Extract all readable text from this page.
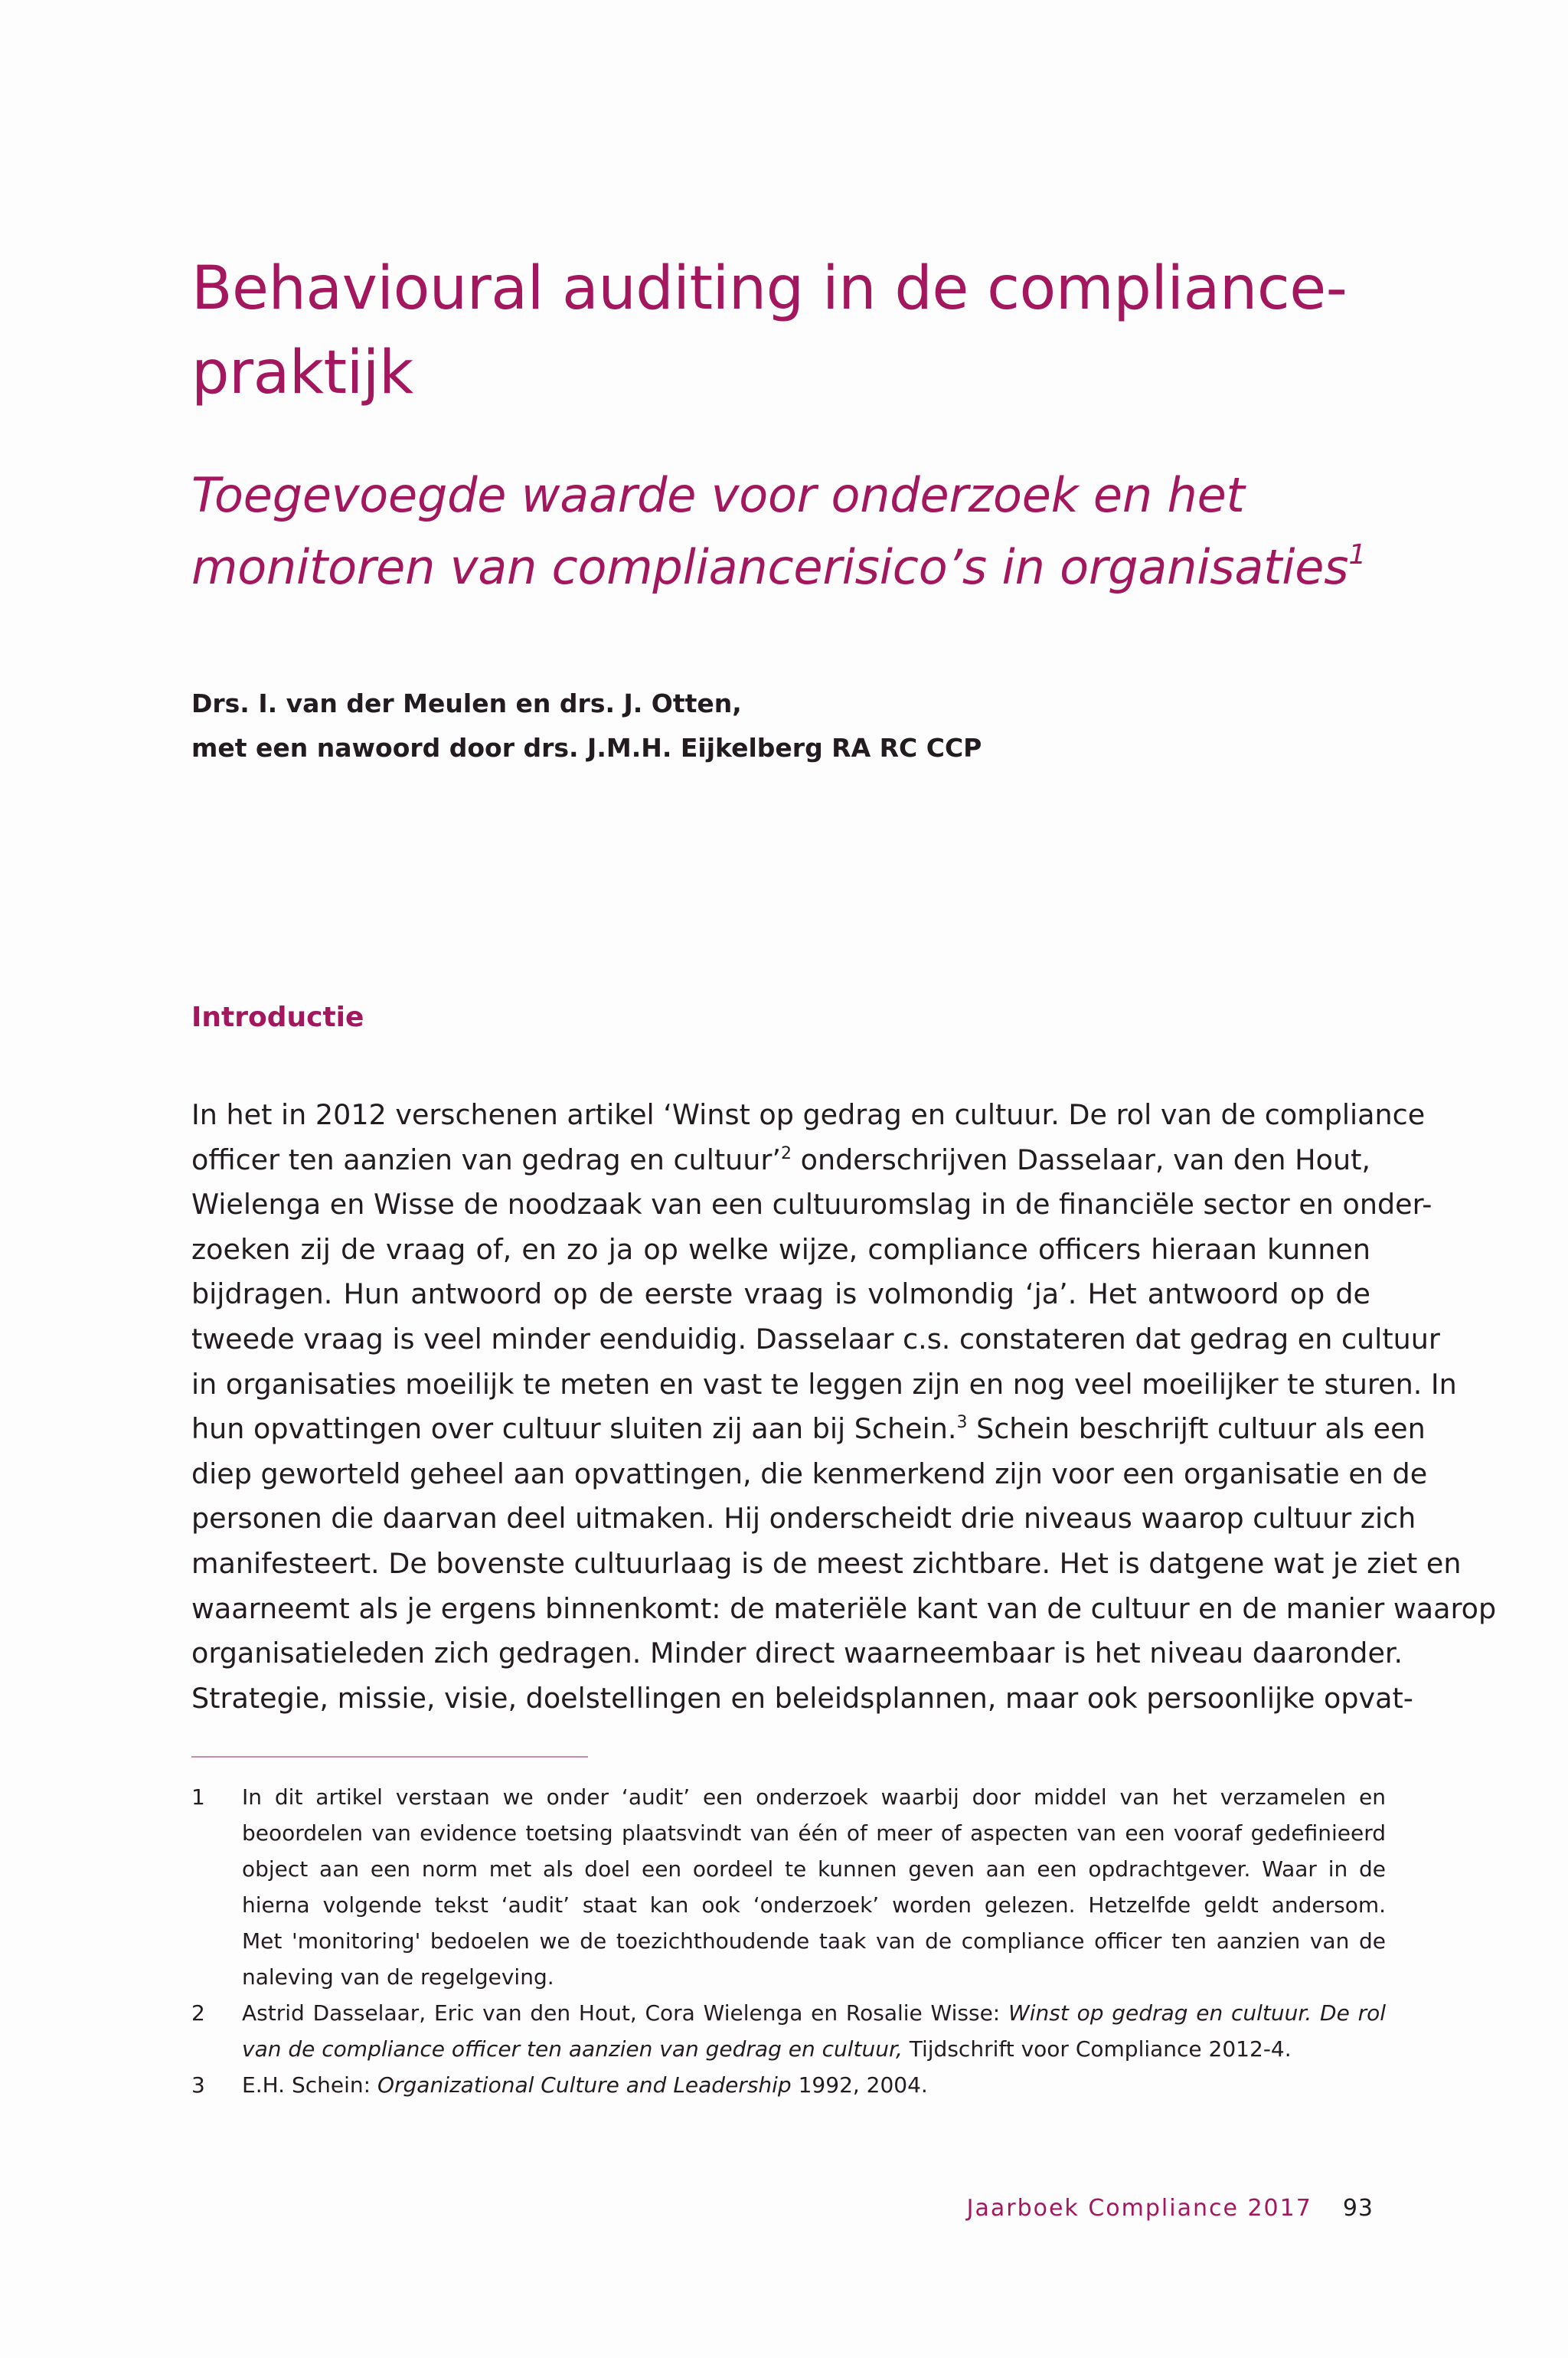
Behavioural auditing in de compliance-
praktijk
Toegevoegde waarde voor onderzoek en het
monitoren van compliancerisico’s in organisaties$^1$
Drs. I. van der Meulen en drs. J. Otten,
met een nawoord door drs. J.M.H. Eijkelberg RA RC CCP
Introductie
In het in 2012 verschenen artikel ‘Winst op gedrag en cultuur. De rol van de compliance
officer ten aanzien van gedrag en cultuur’$^2$ onderschrijven Dasselaar, van den Hout,
Wielenga en Wisse de noodzaak van een cultuuromslag in de financiële sector en onder-
zoeken zij de vraag of, en zo ja op welke wijze, compliance officers hieraan kunnen
bijdragen. Hun antwoord op de eerste vraag is volmondig ‘ja’. Het antwoord op de
tweede vraag is veel minder eenduidig. Dasselaar c.s. constateren dat gedrag en cultuur
in organisaties moeilijk te meten en vast te leggen zijn en nog veel moeilijker te sturen. In
hun opvattingen over cultuur sluiten zij aan bij Schein.$^3$ Schein beschrijft cultuur als een
diep geworteld geheel aan opvattingen, die kenmerkend zijn voor een organisatie en de
personen die daarvan deel uitmaken. Hij onderscheidt drie niveaus waarop cultuur zich
manifesteert. De bovenste cultuurlaag is de meest zichtbare. Het is datgene wat je ziet en
waarneemt als je ergens binnenkomt: de materiële kant van de cultuur en de manier waarop
organisatieleden zich gedragen. Minder direct waarneembaar is het niveau daaronder.
Strategie, missie, visie, doelstellingen en beleidsplannen, maar ook persoonlijke opvat-
1 In dit artikel verstaan we onder ‘audit’ een onderzoek waarbij door middel van het verzamelen en
beoordelen van evidence toetsing plaatsvindt van één of meer of aspecten van een vooraf gedefinieerd
object aan een norm met als doel een oordeel te kunnen geven aan een opdrachtgever. Waar in de
hierna volgende tekst ‘audit’ staat kan ook ‘onderzoek’ worden gelezen. Hetzelfde geldt andersom.
Met 'monitoring' bedoelen we de toezichthoudende taak van de compliance officer ten aanzien van de
naleving van de regelgeving.
2 Astrid Dasselaar, Eric van den Hout, Cora Wielenga en Rosalie Wisse: Winst op gedrag en cultuur. De rol
van de compliance officer ten aanzien van gedrag en cultuur, Tijdschrift voor Compliance 2012-4.
3 E.H. Schein: Organizational Culture and Leadership 1992, 2004.
Jaarboek Compliance 2017 93
